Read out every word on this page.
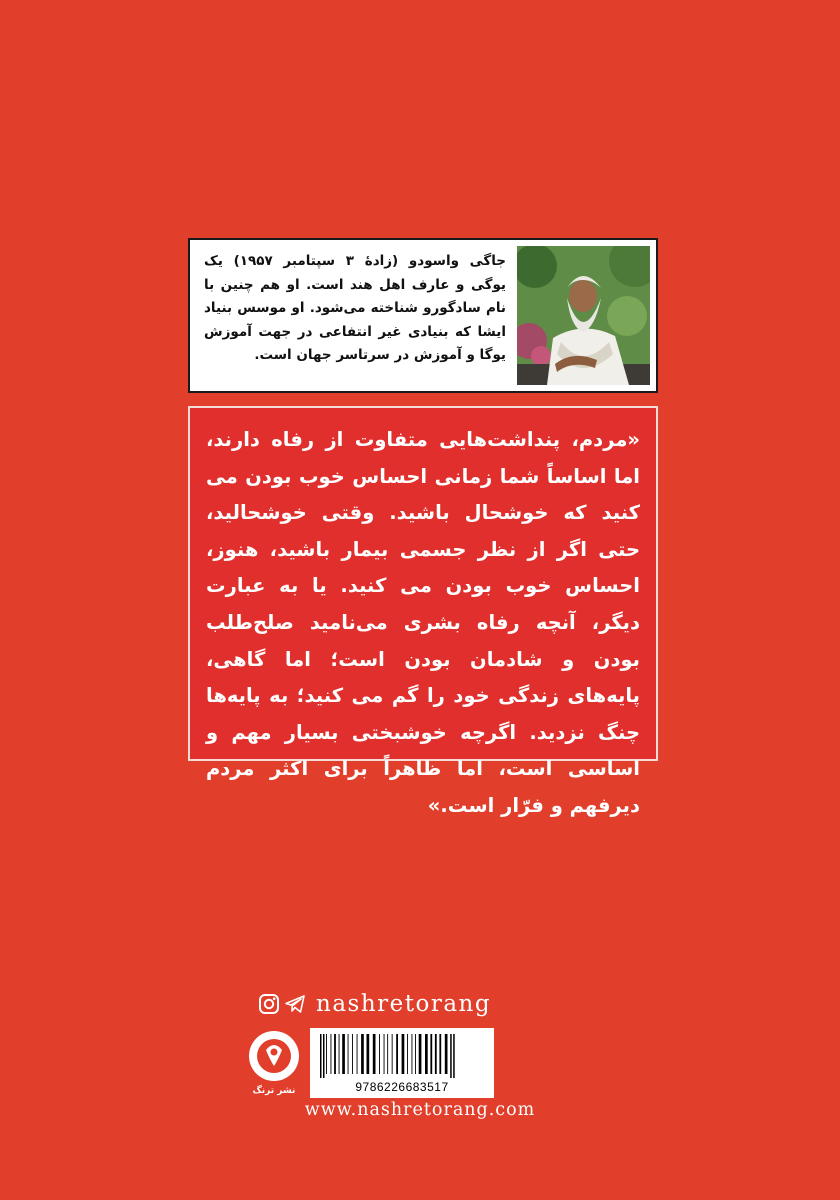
جاگی واسودو (زادهٔ ۳ سپتامبر ۱۹۵۷) یک یوگی و عارف اهل هند است. او هم چنین با نام سادگورو شناخته می‌شود. او موسس بنیاد ایشا که بنیادی غیر انتفاعی در جهت آموزش یوگا و آموزش در سرتاسر جهان است.
«مردم، پنداشت‌هایی متفاوت از رفاه دارند، اما اساساً شما زمانی احساس خوب بودن می کنید که خوشحال باشید. وقتی خوشحالید، حتی اگر از نظر جسمی بیمار باشید، هنوز، احساس خوب بودن می کنید. یا به عبارت دیگر، آنچه رفاه بشری می‌نامید صلح‌طلب بودن و شادمان بودن است؛ اما گاهی، پایه‌های زندگی خود را گم می کنید؛ به پایه‌ها چنگ نزدید. اگرچه خوشبختی بسیار مهم و اساسی است، اما ظاهراً برای اکثر مردم دیرفهم و فرّار است.»
nashretorang
نشر ترنگ	9786226683517
www.nashretorang.com
